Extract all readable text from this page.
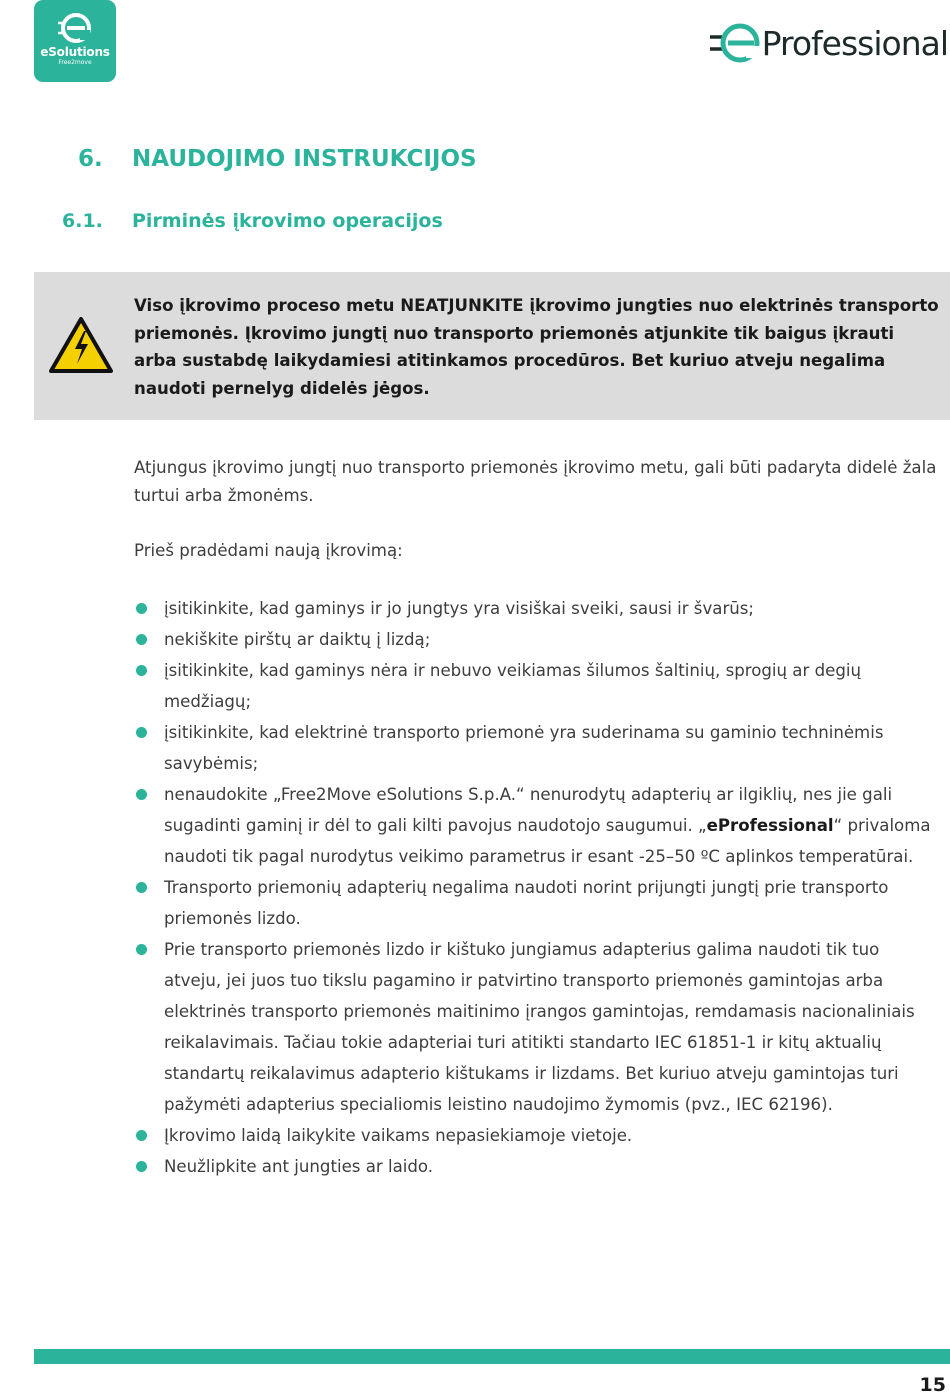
eSolutions
Free2move	Professional
6.	NAUDOJIMO INSTRUKCIJOS
6.1.	Pirminės įkrovimo operacijos
Viso įkrovimo proceso metu NEATJUNKITE įkrovimo jungties nuo elektrinės transporto priemonės. Įkrovimo jungtį nuo transporto priemonės atjunkite tik baigus įkrauti arba sustabdę laikydamiesi atitinkamos procedūros. Bet kuriuo atveju negalima naudoti pernelyg didelės jėgos.
Atjungus įkrovimo jungtį nuo transporto priemonės įkrovimo metu, gali būti padaryta didelė žala turtui arba žmonėms.
Prieš pradėdami naują įkrovimą:
įsitikinkite, kad gaminys ir jo jungtys yra visiškai sveiki, sausi ir švarūs;
nekiškite pirštų ar daiktų į lizdą;
įsitikinkite, kad gaminys nėra ir nebuvo veikiamas šilumos šaltinių, sprogių ar degių medžiagų;
įsitikinkite, kad elektrinė transporto priemonė yra suderinama su gaminio techninėmis savybėmis;
nenaudokite „Free2Move eSolutions S.p.A.“ nenurodytų adapterių ar ilgiklių, nes jie gali sugadinti gaminį ir dėl to gali kilti pavojus naudotojo saugumui. „eProfessional“ privaloma naudoti tik pagal nurodytus veikimo parametrus ir esant -25–50 ºC aplinkos temperatūrai.
Transporto priemonių adapterių negalima naudoti norint prijungti jungtį prie transporto priemonės lizdo.
Prie transporto priemonės lizdo ir kištuko jungiamus adapterius galima naudoti tik tuo atveju, jei juos tuo tikslu pagamino ir patvirtino transporto priemonės gamintojas arba elektrinės transporto priemonės maitinimo įrangos gamintojas, remdamasis nacionaliniais reikalavimais. Tačiau tokie adapteriai turi atitikti standarto IEC 61851-1 ir kitų aktualių standartų reikalavimus adapterio kištukams ir lizdams. Bet kuriuo atveju gamintojas turi pažymėti adapterius specialiomis leistino naudojimo žymomis (pvz., IEC 62196).
Įkrovimo laidą laikykite vaikams nepasiekiamoje vietoje.
Neužlipkite ant jungties ar laido.
15
